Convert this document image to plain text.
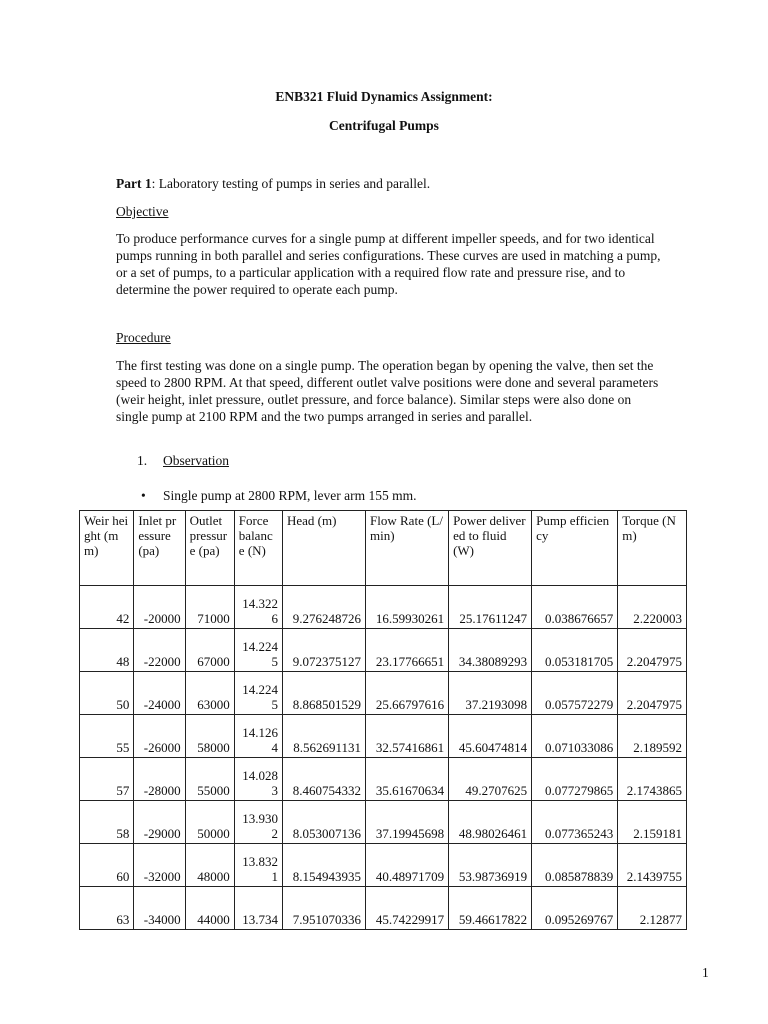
ENB321 Fluid Dynamics Assignment:
Centrifugal Pumps
Part 1: Laboratory testing of pumps in series and parallel.
Objective
To produce performance curves for a single pump at different impeller speeds, and for two identical pumps running in both parallel and series configurations. These curves are used in matching a pump, or a set of pumps, to a particular application with a required flow rate and pressure rise, and to determine the power required to operate each pump.
Procedure
The first testing was done on a single pump. The operation began by opening the valve, then set the speed to 2800 RPM. At that speed, different outlet valve positions were done and several parameters (weir height, inlet pressure, outlet pressure, and force balance). Similar steps were also done on single pump at 2100 RPM and the two pumps arranged in series and parallel.
1. Observation
• Single pump at 2800 RPM, lever arm 155 mm.
Weir height (mm)	Inlet pressure (pa)	Outlet pressure (pa)	Force balance (N)	Head (m)	Flow Rate (L/min)	Power delivered to fluid (W)	Pump efficiency	Torque (Nm)
42	-20000	71000	14.3226	9.276248726	16.59930261	25.17611247	0.038676657	2.220003
48	-22000	67000	14.2245	9.072375127	23.17766651	34.38089293	0.053181705	2.2047975
50	-24000	63000	14.2245	8.868501529	25.66797616	37.2193098	0.057572279	2.2047975
55	-26000	58000	14.1264	8.562691131	32.57416861	45.60474814	0.071033086	2.189592
57	-28000	55000	14.0283	8.460754332	35.61670634	49.2707625	0.077279865	2.1743865
58	-29000	50000	13.9302	8.053007136	37.19945698	48.98026461	0.077365243	2.159181
60	-32000	48000	13.8321	8.154943935	40.48971709	53.98736919	0.085878839	2.1439755
63	-34000	44000	13.734	7.951070336	45.74229917	59.46617822	0.095269767	2.12877
1
